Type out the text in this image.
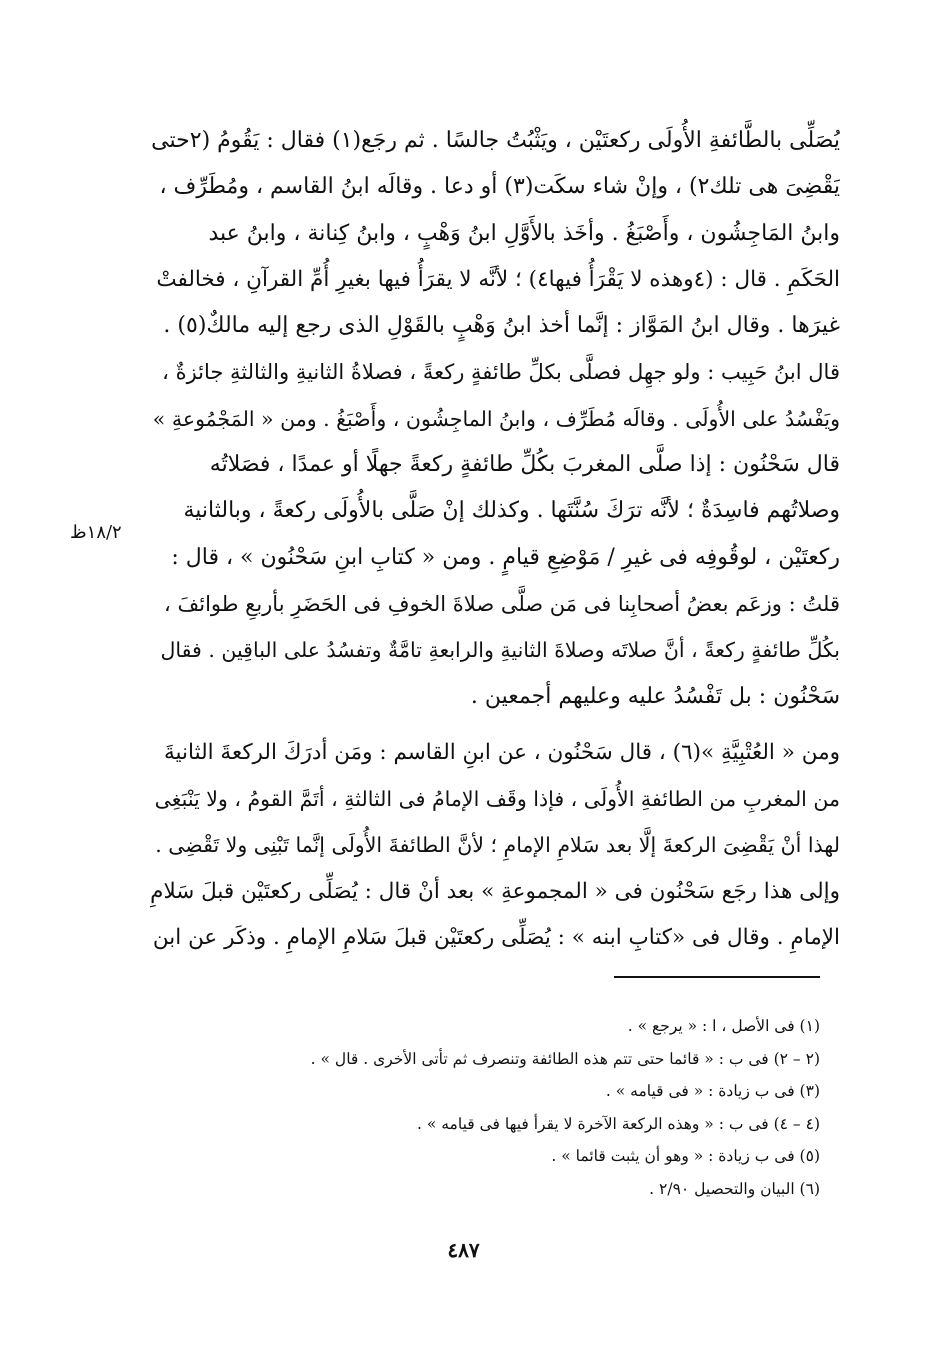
يُصَلِّى بالطَّائفةِ الأُولَى ركعتَيْن ، ويَثْبُتُ جالسًا . ثم رجَع(١) فقال : يَقُومُ (٢حتى
يَقْضِىَ هى تلك٢) ، وإنْ شاء سكَت(٣) أو دعا . وقالَه ابنُ القاسم ، ومُطَرِّف ،
وابنُ المَاجِشُون ، وأَصْبَغُ . وأخَذ بالأَوَّلِ ابنُ وَهْبٍ ، وابنُ كِنانة ، وابنُ عبد
الحَكَمِ . قال : (٤وهذه لا يَقْرَأُ فيها٤) ؛ لأنَّه لا يقرَأُ فيها بغيرِ أُمِّ القرآنِ ، فخالفتْ
غيرَها . وقال ابنُ المَوَّاز : إنَّما أخذ ابنُ وَهْبٍ بالقَوْلِ الذى رجع إليه مالكٌ(٥) .
قال ابنُ حَبِيب : ولو جهِل فصلَّى بكلِّ طائفةٍ ركعةً ، فصلاةُ الثانيةِ والثالثةِ جائزةٌ ،
ويَفْسُدُ على الأُولَى . وقالَه مُطَرِّف ، وابنُ الماجِشُون ، وأَصْبَغُ . ومن « المَجْمُوعةِ »
قال سَحْنُون : إذا صلَّى المغربَ بكُلِّ طائفةٍ ركعةً جهلًا أو عمدًا ، فصَلاتُه
وصلاتُهم فاسِدَةٌ ؛ لأنَّه ترَكَ سُنَّتَها . وكذلك إنْ صَلَّى بالأُولَى ركعةً ، وبالثانية
ركعتَيْن ، لوقُوفِه فى غيرِ / مَوْضِعِ قيامٍ . ومن « كتابِ ابنِ سَحْنُون » ، قال :
قلتُ : وزعَم بعضُ أصحابِنا فى مَن صلَّى صلاةَ الخوفِ فى الحَضَرِ بأربعِ طوائفَ ،
بكُلِّ طائفةٍ ركعةً ، أنَّ صلاتَه وصلاةَ الثانيةِ والرابعةِ تامَّةٌ وتفسُدُ على الباقِين . فقال
سَحْنُون : بل تَفْسُدُ عليه وعليهم أجمعين .

ومن « العُتْبِيَّةِ »(٦) ، قال سَحْنُون ، عن ابنِ القاسم : ومَن أدرَكَ الركعةَ الثانيةَ
من المغربِ من الطائفةِ الأُولَى ، فإذا وقَف الإمامُ فى الثالثةِ ، أتَمَّ القومُ ، ولا يَنْبَغِى
لهذا أنْ يَقْضِىَ الركعةَ إلَّا بعد سَلامِ الإمامِ ؛ لأنَّ الطائفةَ الأُولَى إنَّما تَبْنِى ولا تَقْضِى .
وإلى هذا رجَع سَحْنُون فى « المجموعةِ » بعد أنْ قال : يُصَلِّى ركعتَيْن قبلَ سَلامِ
الإمامِ . وقال فى «كتابِ ابنه » : يُصَلِّى ركعتَيْن قبلَ سَلامِ الإمامِ . وذكَر عن ابن

١٨/٢ظ
(١) فى الأصل ، ا : « يرجع » .
(٢ – ٢) فى ب : « قائما حتى تتم هذه الطائفة وتنصرف ثم تأتى الأخرى . قال » .
(٣) فى ب زيادة : « فى قيامه » .
(٤ – ٤) فى ب : « وهذه الركعة الآخرة لا يقرأ فيها فى قيامه » .
(٥) فى ب زيادة : « وهو أن يثبت قائما » .
(٦) البيان والتحصيل ٢/٩٠ .
٤٨٧
